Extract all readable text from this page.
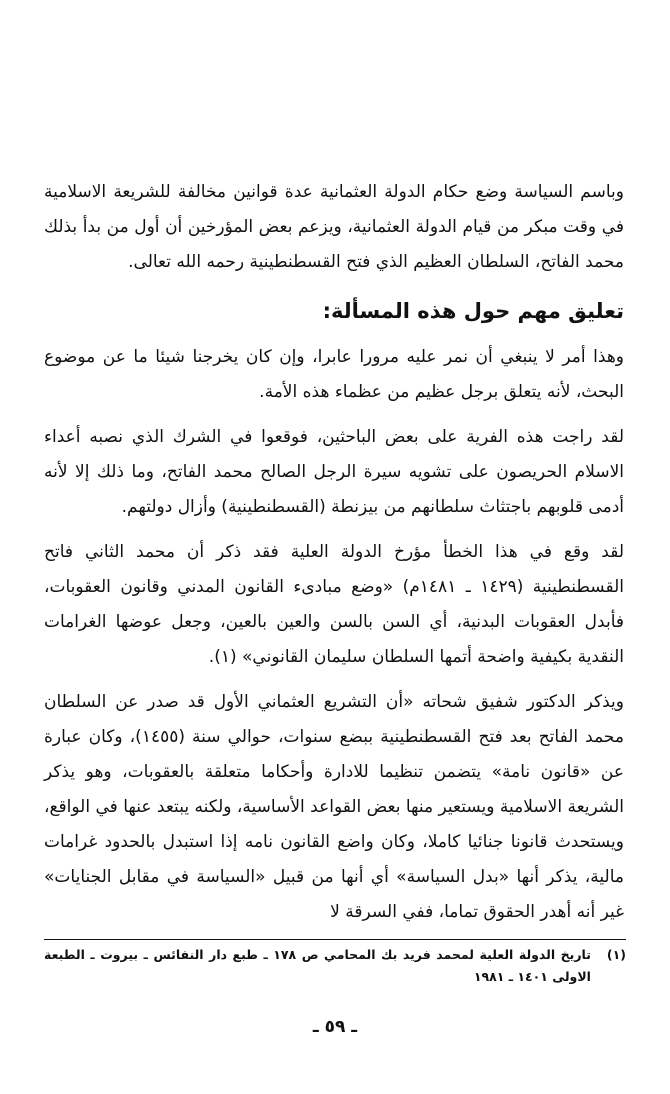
وباسم السياسة وضع حكام الدولة العثمانية عدة قوانين مخالفة للشريعة الاسلامية في وقت مبكر من قيام الدولة العثمانية، ويزعم بعض المؤرخين أن أول من بدأ بذلك محمد الفاتح، السلطان العظيم الذي فتح القسطنطينية رحمه الله تعالى.

تعليق مهم حول هذه المسألة:

وهذا أمر لا ينبغي أن نمر عليه مرورا عابرا، وإن كان يخرجنا شيئا ما عن موضوع البحث، لأنه يتعلق برجل عظيم من عظماء هذه الأمة.

لقد راجت هذه الفرية على بعض الباحثين، فوقعوا في الشرك الذي نصبه أعداء الاسلام الحريصون على تشويه سيرة الرجل الصالح محمد الفاتح، وما ذلك إلا لأنه أدمى قلوبهم باجتثاث سلطانهم من بيزنطة (القسطنطينية) وأزال دولتهم.

لقد وقع في هذا الخطأ مؤرخ الدولة العلية فقد ذكر أن محمد الثاني فاتح القسطنطينية (١٤٢٩ ـ ١٤٨١م) «وضع مبادىء القانون المدني وقانون العقوبات، فأبدل العقوبات البدنية، أي السن بالسن والعين بالعين، وجعل عوضها الغرامات النقدية بكيفية واضحة أتمها السلطان سليمان القانوني» (١).

ويذكر الدكتور شفيق شحاته «أن التشريع العثماني الأول قد صدر عن السلطان محمد الفاتح بعد فتح القسطنطينية ببضع سنوات، حوالي سنة (١٤٥٥)، وكان عبارة عن «قانون نامة» يتضمن تنظيما للادارة وأحكاما متعلقة بالعقوبات، وهو يذكر الشريعة الاسلامية ويستعير منها بعض القواعد الأساسية، ولكنه يبتعد عنها في الواقع، ويستحدث قانونا جنائيا كاملا، وكان واضع القانون نامه إذا استبدل بالحدود غرامات مالية، يذكر أنها «بدل السياسة» أي أنها من قبيل «السياسة في مقابل الجنايات» غير أنه أهدر الحقوق تماما، ففي السرقة لا

(١)
تاريخ الدولة العلية لمحمد فريد بك المحامي ص ١٧٨ ـ طبع دار النفائس ـ بيروت ـ الطبعة الاولى ١٤٠١ ـ ١٩٨١
ـ ٥٩ ـ
